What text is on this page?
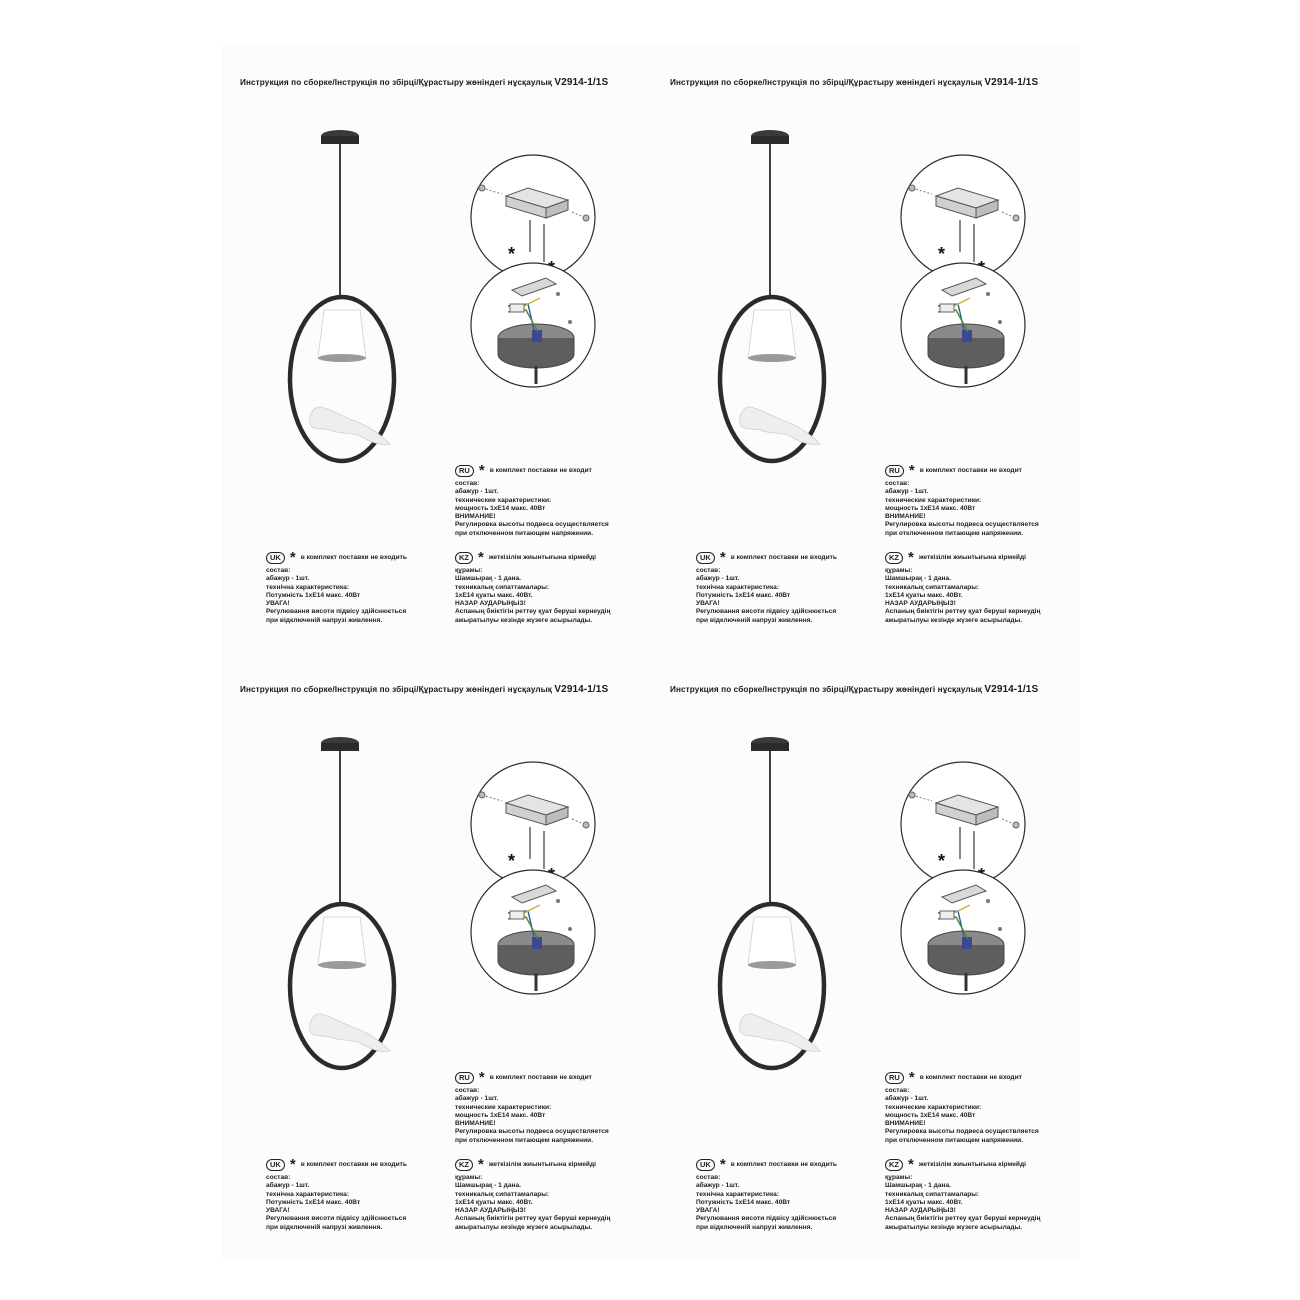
Инструкция по сборке/Інструкція по збірці/Құрастыру жөніндегі нұсқаулық V2914-1/1S
*
RU * в комплект поставки не входит
состав:
абажур - 1шт.
технические характеристики:
мощность 1хЕ14 макс. 40Вт
ВНИМАНИЕ!
Регулировка высоты подвеса осуществляется
при отключенном питающем напряжении.
UK * в комплект поставки не входить
состав:
абажур - 1шт.
технічна характеристика:
Потужність 1хЕ14 макс. 40Вт
УВАГА!
Регулювання висоти підвісу здійснюється
при відключеній напрузі живлення.
KZ * жеткізілім жиынтығына кірмейді
құрамы:
Шамшырақ - 1 дана.
техникалық сипаттамалары:
1хЕ14 қуаты макс. 40Вт.
НАЗАР АУДАРЫҢЫЗ!
Аспаның биіктігін реттеу қуат беруші кернеудің
ажыратылуы кезінде жүзеге асырылады.
Инструкция по сборке/Інструкція по збірці/Құрастыру жөніндегі нұсқаулық V2914-1/1S
*
RU * в комплект поставки не входит
состав:
абажур - 1шт.
технические характеристики:
мощность 1хЕ14 макс. 40Вт
ВНИМАНИЕ!
Регулировка высоты подвеса осуществляется
при отключенном питающем напряжении.
UK * в комплект поставки не входить
состав:
абажур - 1шт.
технічна характеристика:
Потужність 1хЕ14 макс. 40Вт
УВАГА!
Регулювання висоти підвісу здійснюється
при відключеній напрузі живлення.
KZ * жеткізілім жиынтығына кірмейді
құрамы:
Шамшырақ - 1 дана.
техникалық сипаттамалары:
1хЕ14 қуаты макс. 40Вт.
НАЗАР АУДАРЫҢЫЗ!
Аспаның биіктігін реттеу қуат беруші кернеудің
ажыратылуы кезінде жүзеге асырылады.
Инструкция по сборке/Інструкція по збірці/Құрастыру жөніндегі нұсқаулық V2914-1/1S
*
RU * в комплект поставки не входит
состав:
абажур - 1шт.
технические характеристики:
мощность 1хЕ14 макс. 40Вт
ВНИМАНИЕ!
Регулировка высоты подвеса осуществляется
при отключенном питающем напряжении.
UK * в комплект поставки не входить
состав:
абажур - 1шт.
технічна характеристика:
Потужність 1хЕ14 макс. 40Вт
УВАГА!
Регулювання висоти підвісу здійснюється
при відключеній напрузі живлення.
KZ * жеткізілім жиынтығына кірмейді
құрамы:
Шамшырақ - 1 дана.
техникалық сипаттамалары:
1хЕ14 қуаты макс. 40Вт.
НАЗАР АУДАРЫҢЫЗ!
Аспаның биіктігін реттеу қуат беруші кернеудің
ажыратылуы кезінде жүзеге асырылады.
Инструкция по сборке/Інструкція по збірці/Құрастыру жөніндегі нұсқаулық V2914-1/1S
*
RU * в комплект поставки не входит
состав:
абажур - 1шт.
технические характеристики:
мощность 1хЕ14 макс. 40Вт
ВНИМАНИЕ!
Регулировка высоты подвеса осуществляется
при отключенном питающем напряжении.
UK * в комплект поставки не входить
состав:
абажур - 1шт.
технічна характеристика:
Потужність 1хЕ14 макс. 40Вт
УВАГА!
Регулювання висоти підвісу здійснюється
при відключеній напрузі живлення.
KZ * жеткізілім жиынтығына кірмейді
құрамы:
Шамшырақ - 1 дана.
техникалық сипаттамалары:
1хЕ14 қуаты макс. 40Вт.
НАЗАР АУДАРЫҢЫЗ!
Аспаның биіктігін реттеу қуат беруші кернеудің
ажыратылуы кезінде жүзеге асырылады.
